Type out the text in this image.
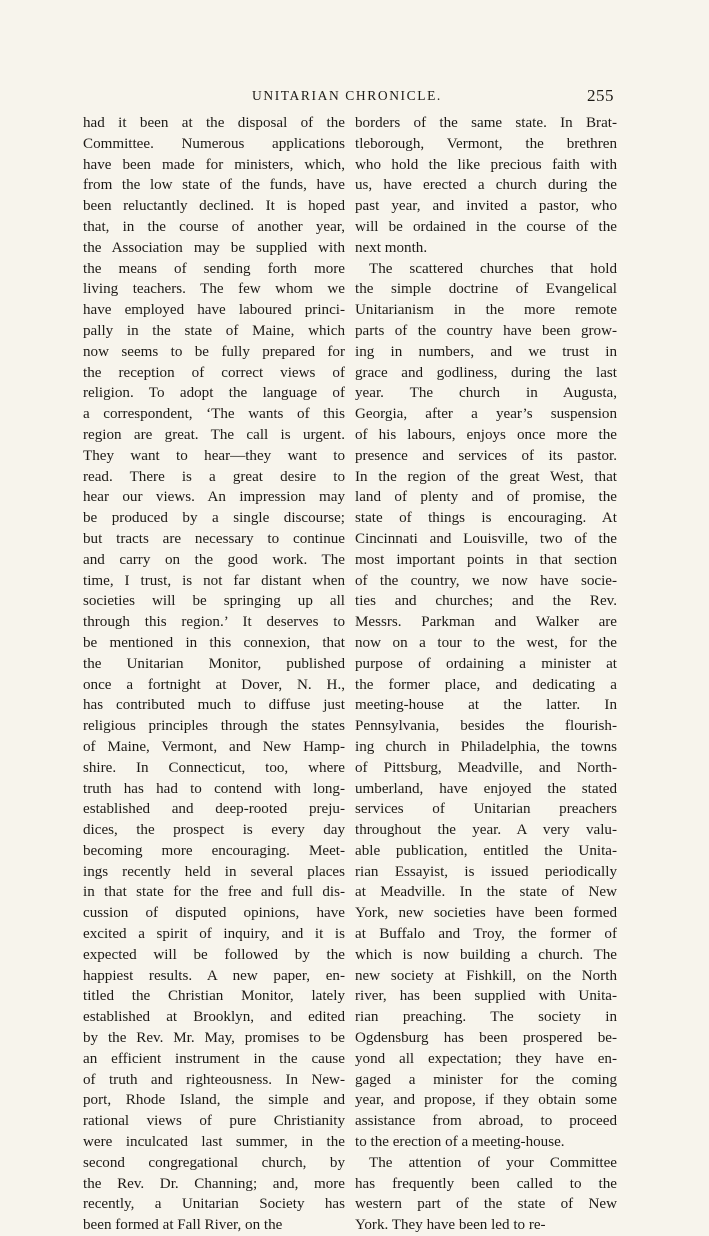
UNITARIAN CHRONICLE.	255
had it been at the disposal of the
Committee. Numerous applications
have been made for ministers, which,
from the low state of the funds, have
been reluctantly declined. It is hoped
that, in the course of another year,
the Association may be supplied with
the means of sending forth more
living teachers. The few whom we
have employed have laboured princi-
pally in the state of Maine, which
now seems to be fully prepared for
the reception of correct views of
religion. To adopt the language of
a correspondent, ‘The wants of this
region are great. The call is urgent.
They want to hear—they want to
read. There is a great desire to
hear our views. An impression may
be produced by a single discourse;
but tracts are necessary to continue
and carry on the good work. The
time, I trust, is not far distant when
societies will be springing up all
through this region.’ It deserves to
be mentioned in this connexion, that
the Unitarian Monitor, published
once a fortnight at Dover, N. H.,
has contributed much to diffuse just
religious principles through the states
of Maine, Vermont, and New Hamp-
shire. In Connecticut, too, where
truth has had to contend with long-
established and deep-rooted preju-
dices, the prospect is every day
becoming more encouraging. Meet-
ings recently held in several places
in that state for the free and full dis-
cussion of disputed opinions, have
excited a spirit of inquiry, and it is
expected will be followed by the
happiest results. A new paper, en-
titled the Christian Monitor, lately
established at Brooklyn, and edited
by the Rev. Mr. May, promises to be
an efficient instrument in the cause
of truth and righteousness. In New-
port, Rhode Island, the simple and
rational views of pure Christianity
were inculcated last summer, in the
second congregational church, by
the Rev. Dr. Channing; and, more
recently, a Unitarian Society has
been formed at Fall River, on the
borders of the same state. In Brat-
tleborough, Vermont, the brethren
who hold the like precious faith with
us, have erected a church during the
past year, and invited a pastor, who
will be ordained in the course of the
next month.
The scattered churches that hold
the simple doctrine of Evangelical
Unitarianism in the more remote
parts of the country have been grow-
ing in numbers, and we trust in
grace and godliness, during the last
year. The church in Augusta,
Georgia, after a year’s suspension
of his labours, enjoys once more the
presence and services of its pastor.
In the region of the great West, that
land of plenty and of promise, the
state of things is encouraging. At
Cincinnati and Louisville, two of the
most important points in that section
of the country, we now have socie-
ties and churches; and the Rev.
Messrs. Parkman and Walker are
now on a tour to the west, for the
purpose of ordaining a minister at
the former place, and dedicating a
meeting-house at the latter. In
Pennsylvania, besides the flourish-
ing church in Philadelphia, the towns
of Pittsburg, Meadville, and North-
umberland, have enjoyed the stated
services of Unitarian preachers
throughout the year. A very valu-
able publication, entitled the Unita-
rian Essayist, is issued periodically
at Meadville. In the state of New
York, new societies have been formed
at Buffalo and Troy, the former of
which is now building a church. The
new society at Fishkill, on the North
river, has been supplied with Unita-
rian preaching. The society in
Ogdensburg has been prospered be-
yond all expectation; they have en-
gaged a minister for the coming
year, and propose, if they obtain some
assistance from abroad, to proceed
to the erection of a meeting-house.
The attention of your Committee
has frequently been called to the
western part of the state of New
York. They have been led to re-
